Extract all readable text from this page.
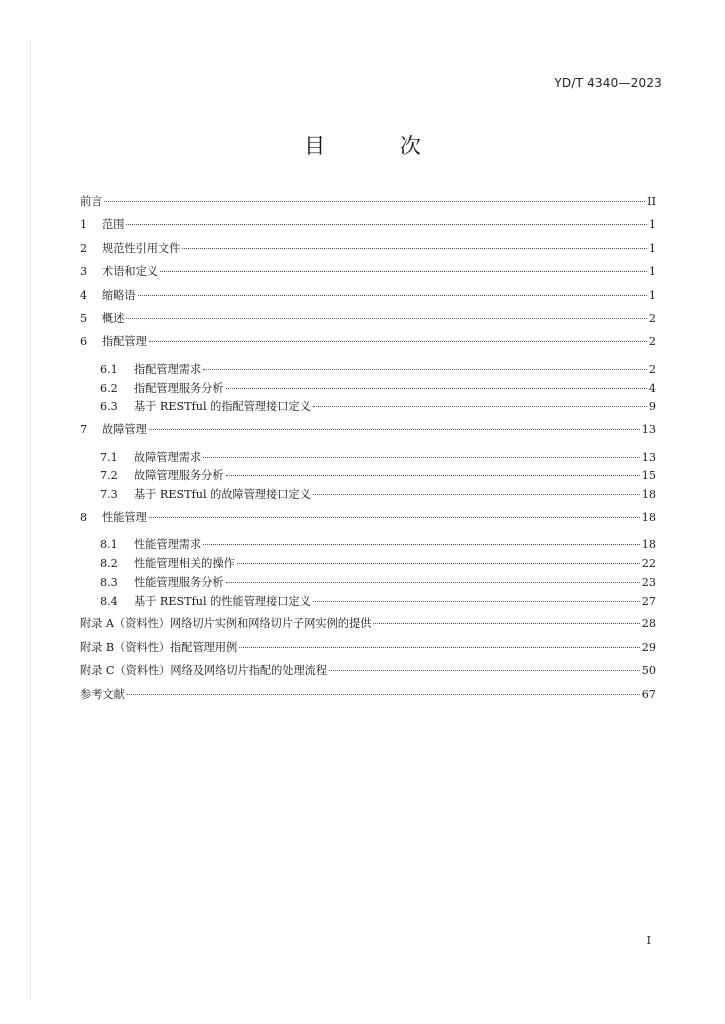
YD/T 4340—2023
目 次
前言	II
1	范围	1
2	规范性引用文件	1
3	术语和定义	1
4	缩略语	1
5	概述	2
6	指配管理	2
6.1	指配管理需求	2
6.2	指配管理服务分析	4
6.3	基于 RESTful 的指配管理接口定义	9
7	故障管理	13
7.1	故障管理需求	13
7.2	故障管理服务分析	15
7.3	基于 RESTful 的故障管理接口定义	18
8	性能管理	18
8.1	性能管理需求	18
8.2	性能管理相关的操作	22
8.3	性能管理服务分析	23
8.4	基于 RESTful 的性能管理接口定义	27
附录 A（资料性）网络切片实例和网络切片子网实例的提供	28
附录 B（资料性）指配管理用例	29
附录 C（资料性）网络及网络切片指配的处理流程	50
参考文献	67
I
